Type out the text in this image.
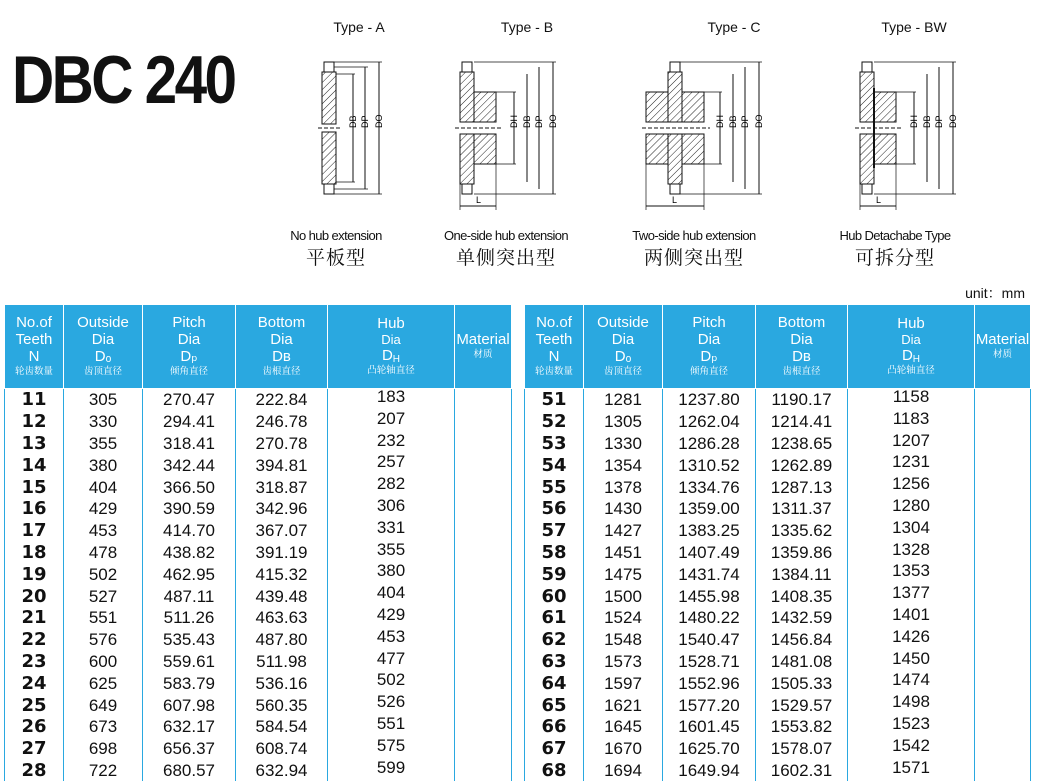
DBC 240
Type - A	Type - B	Type - C	Type - BW
DB DP DO
L
DH DB DP DO
L
DH DB DP DO
L
DH DB DP DO
No hub extension
平板型
One-side hub extension
单侧突出型
Two-side hub extension
两侧突出型
Hub Detachabe Type
可拆分型
unit：mm
No.of
Teeth
N
轮齿数量	Outside
Dia
Dₒ
齿顶直径	Pitch
Dia
Dₚ
倾角直径	Bottom
Dia
Dʙ
齿根直径	Hub
Dia
$D_H$
凸轮轴直径	Material
材质

11	305	270.47	222.84	183	
12	330	294.41	246.78	207	
13	355	318.41	270.78	232	
14	380	342.44	394.81	257	
15	404	366.50	318.87	282	
16	429	390.59	342.96	306	
17	453	414.70	367.07	331	
18	478	438.82	391.19	355	
19	502	462.95	415.32	380	
20	527	487.11	439.48	404	
21	551	511.26	463.63	429	
22	576	535.43	487.80	453	
23	600	559.61	511.98	477	
24	625	583.79	536.16	502	
25	649	607.98	560.35	526	
26	673	632.17	584.54	551	
27	698	656.37	608.74	575	
28	722	680.57	632.94	599	
No.of
Teeth
N
轮齿数量	Outside
Dia
Dₒ
齿顶直径	Pitch
Dia
Dₚ
倾角直径	Bottom
Dia
Dʙ
齿根直径	Hub
Dia
$D_H$
凸轮轴直径	Material
材质

51	1281	1237.80	1190.17	1158	
52	1305	1262.04	1214.41	1183	
53	1330	1286.28	1238.65	1207	
54	1354	1310.52	1262.89	1231	
55	1378	1334.76	1287.13	1256	
56	1430	1359.00	1311.37	1280	
57	1427	1383.25	1335.62	1304	
58	1451	1407.49	1359.86	1328	
59	1475	1431.74	1384.11	1353	
60	1500	1455.98	1408.35	1377	
61	1524	1480.22	1432.59	1401	
62	1548	1540.47	1456.84	1426	
63	1573	1528.71	1481.08	1450	
64	1597	1552.96	1505.33	1474	
65	1621	1577.20	1529.57	1498	
66	1645	1601.45	1553.82	1523	
67	1670	1625.70	1578.07	1542	
68	1694	1649.94	1602.31	1571	
